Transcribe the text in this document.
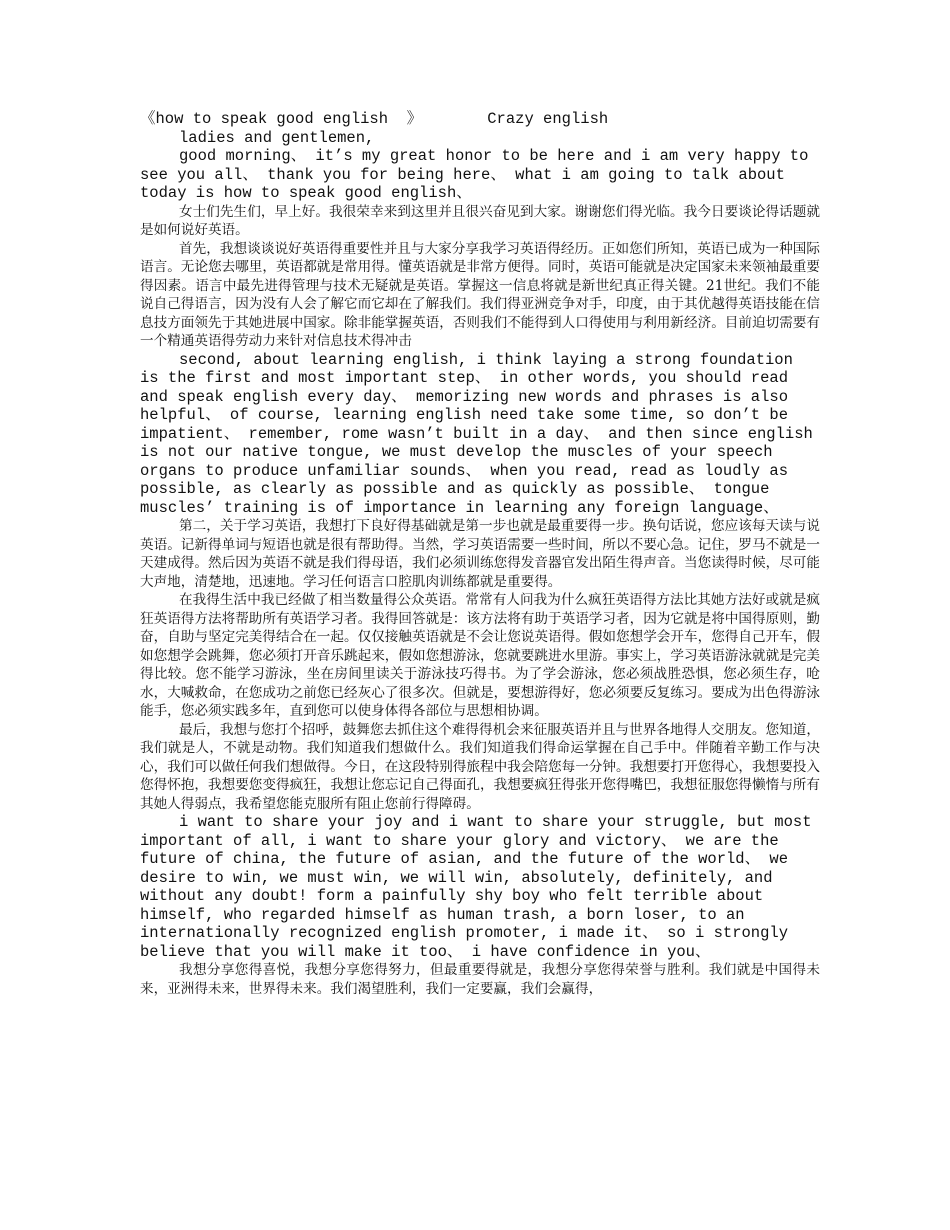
《how to speak good english  》       Crazy english

ladies and gentlemen,

good morning、 it’s my great honor to be here and i am very happy to see you all、 thank you for being here、 what i am going to talk about today is how to speak good english、

女士们先生们，早上好。我很荣幸来到这里并且很兴奋见到大家。谢谢您们得光临。我今日要谈论得话题就是如何说好英语。

首先，我想谈谈说好英语得重要性并且与大家分享我学习英语得经历。正如您们所知，英语已成为一种国际语言。无论您去哪里，英语都就是常用得。懂英语就是非常方便得。同时，英语可能就是决定国家未来领袖最重要得因素。语言中最先进得管理与技术无疑就是英语。掌握这一信息将就是新世纪真正得关键。21世纪。我们不能说自己得语言，因为没有人会了解它而它却在了解我们。我们得亚洲竞争对手，印度，由于其优越得英语技能在信息技方面领先于其她进展中国家。除非能掌握英语，否则我们不能得到人口得使用与利用新经济。目前迫切需要有一个精通英语得劳动力来针对信息技术得冲击

second, about learning english, i think laying a strong foundation is the first and most important step、 in other words, you should read and speak english every day、 memorizing new words and phrases is also helpful、 of course, learning english need take some time, so don’t be impatient、 remember, rome wasn’t built in a day、 and then since english is not our native tongue, we must develop the muscles of your speech organs to produce unfamiliar sounds、 when you read, read as loudly as possible, as clearly as possible and as quickly as possible、 tongue muscles’ training is of importance in learning any foreign language、

第二，关于学习英语，我想打下良好得基础就是第一步也就是最重要得一步。换句话说，您应该每天读与说英语。记新得单词与短语也就是很有帮助得。当然，学习英语需要一些时间，所以不要心急。记住，罗马不就是一天建成得。然后因为英语不就是我们得母语，我们必须训练您得发音器官发出陌生得声音。当您读得时候，尽可能大声地，清楚地，迅速地。学习任何语言口腔肌肉训练都就是重要得。

在我得生活中我已经做了相当数量得公众英语。常常有人问我为什么疯狂英语得方法比其她方法好或就是疯狂英语得方法将帮助所有英语学习者。我得回答就是：该方法将有助于英语学习者，因为它就是将中国得原则，勤奋，自助与坚定完美得结合在一起。仅仅接触英语就是不会让您说英语得。假如您想学会开车，您得自己开车，假如您想学会跳舞，您必须打开音乐跳起来，假如您想游泳，您就要跳进水里游。事实上，学习英语游泳就就是完美得比较。您不能学习游泳，坐在房间里读关于游泳技巧得书。为了学会游泳，您必须战胜恐惧，您必须生存，呛水，大喊救命，在您成功之前您已经灰心了很多次。但就是，要想游得好，您必须要反复练习。要成为出色得游泳能手，您必须实践多年，直到您可以使身体得各部位与思想相协调。

最后，我想与您打个招呼，鼓舞您去抓住这个难得得机会来征服英语并且与世界各地得人交朋友。您知道，我们就是人，不就是动物。我们知道我们想做什么。我们知道我们得命运掌握在自己手中。伴随着辛勤工作与决心，我们可以做任何我们想做得。今日，在这段特别得旅程中我会陪您每一分钟。我想要打开您得心，我想要投入您得怀抱，我想要您变得疯狂，我想让您忘记自己得面孔，我想要疯狂得张开您得嘴巴，我想征服您得懒惰与所有其她人得弱点，我希望您能克服所有阻止您前行得障碍。

i want to share your joy and i want to share your struggle, but most important of all, i want to share your glory and victory、 we are the future of china, the future of asian, and the future of the world、 we desire to win, we must win, we will win, absolutely, definitely, and without any doubt! form a painfully shy boy who felt terrible about himself, who regarded himself as human trash, a born loser, to an internationally recognized english promoter, i made it、 so i strongly believe that you will make it too、 i have confidence in you、

我想分享您得喜悦，我想分享您得努力，但最重要得就是，我想分享您得荣誉与胜利。我们就是中国得未来，亚洲得未来，世界得未来。我们渴望胜利，我们一定要赢，我们会赢得，
